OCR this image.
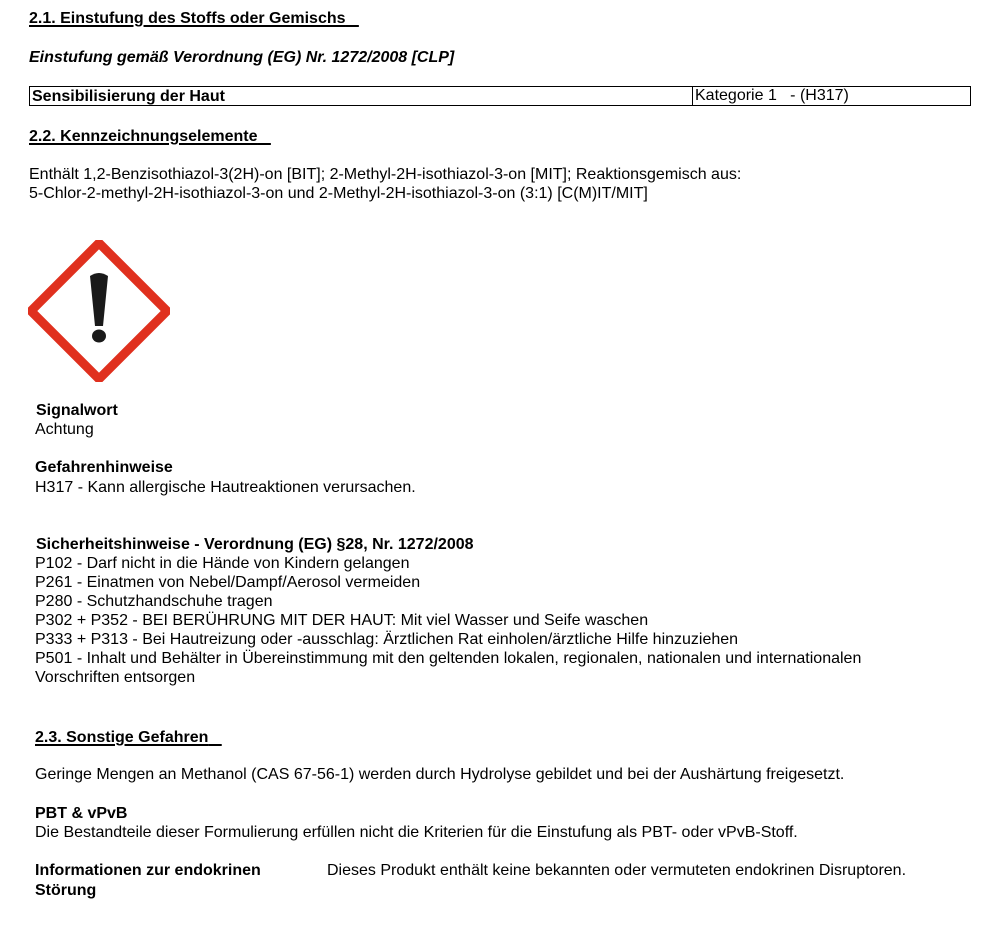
2.1. Einstufung des Stoffs oder Gemischs
Einstufung gemäß Verordnung (EG) Nr. 1272/2008 [CLP]
Sensibilisierung der Haut	Kategorie 1   - (H317)
2.2. Kennzeichnungselemente
Enthält 1,2-Benzisothiazol-3(2H)-on [BIT]; 2-Methyl-2H-isothiazol-3-on [MIT]; Reaktionsgemisch aus:
5-Chlor-2-methyl-2H-isothiazol-3-on und 2-Methyl-2H-isothiazol-3-on (3:1) [C(M)IT/MIT]
Signalwort
Achtung
Gefahrenhinweise
H317 - Kann allergische Hautreaktionen verursachen.
Sicherheitshinweise - Verordnung (EG) §28, Nr. 1272/2008
P102 - Darf nicht in die Hände von Kindern gelangen
P261 - Einatmen von Nebel/Dampf/Aerosol vermeiden
P280 - Schutzhandschuhe tragen
P302 + P352 - BEI BERÜHRUNG MIT DER HAUT: Mit viel Wasser und Seife waschen
P333 + P313 - Bei Hautreizung oder -ausschlag: Ärztlichen Rat einholen/ärztliche Hilfe hinzuziehen
P501 - Inhalt und Behälter in Übereinstimmung mit den geltenden lokalen, regionalen, nationalen und internationalen
Vorschriften entsorgen
2.3. Sonstige Gefahren
Geringe Mengen an Methanol (CAS 67-56-1) werden durch Hydrolyse gebildet und bei der Aushärtung freigesetzt.
PBT & vPvB
Die Bestandteile dieser Formulierung erfüllen nicht die Kriterien für die Einstufung als PBT- oder vPvB-Stoff.
Informationen zur endokrinen
Störung
Dieses Produkt enthält keine bekannten oder vermuteten endokrinen Disruptoren.
